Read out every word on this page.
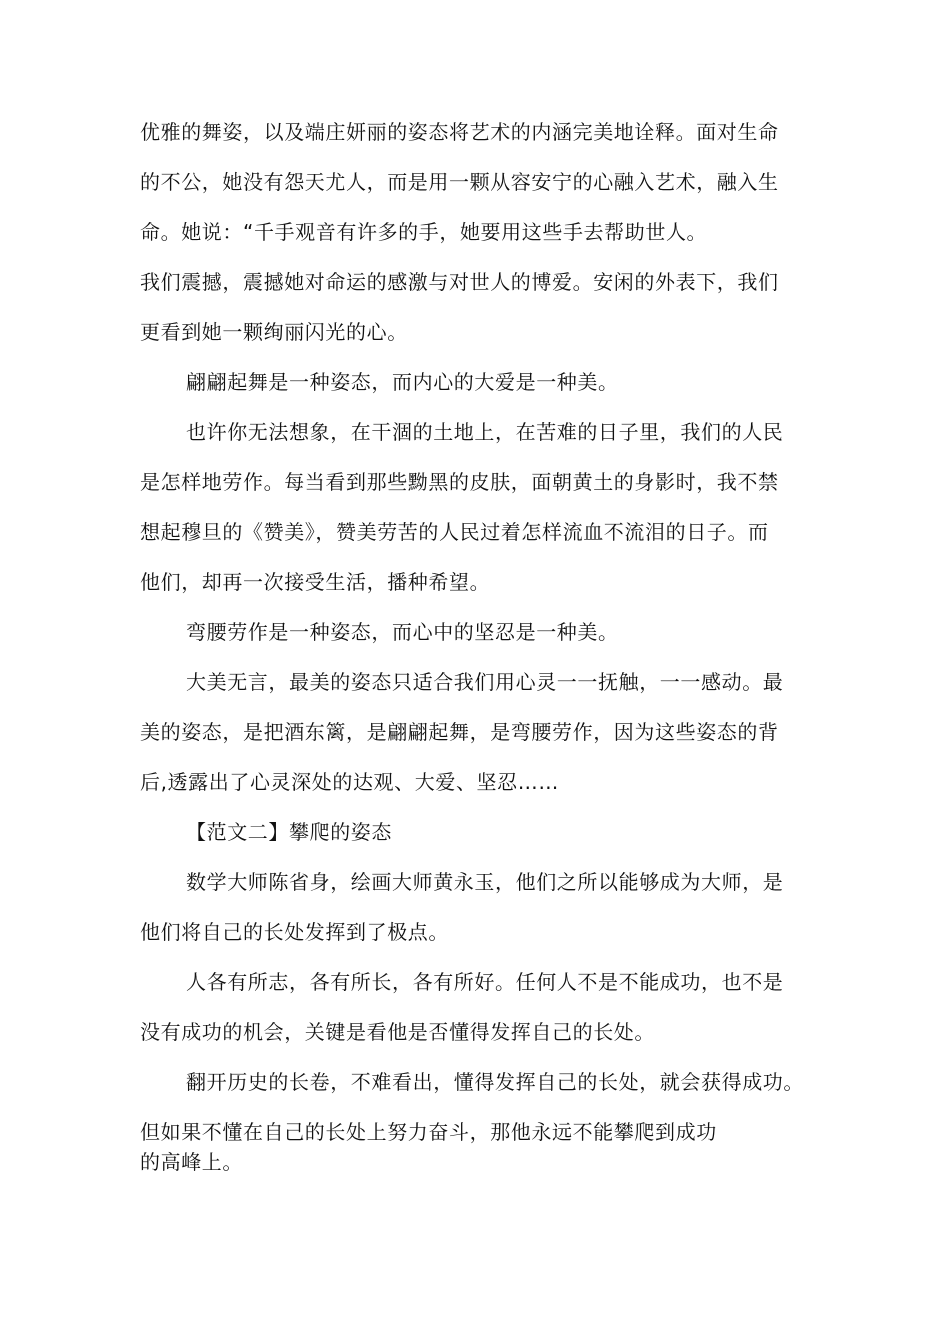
优雅的舞姿，以及端庄妍丽的姿态将艺术的内涵完美地诠释。面对生命
的不公，她没有怨天尤人，而是用一颗从容安宁的心融入艺术，融入生
命。她说：“千手观音有许多的手，她要用这些手去帮助世人。
我们震撼，震撼她对命运的感激与对世人的博爱。安闲的外表下，我们
更看到她一颗绚丽闪光的心。
翩翩起舞是一种姿态，而内心的大爱是一种美。
也许你无法想象，在干涸的土地上，在苦难的日子里，我们的人民
是怎样地劳作。每当看到那些黝黑的皮肤，面朝黄土的身影时，我不禁
想起穆旦的《赞美》，赞美劳苦的人民过着怎样流血不流泪的日子。而
他们，却再一次接受生活，播种希望。
弯腰劳作是一种姿态，而心中的坚忍是一种美。
大美无言，最美的姿态只适合我们用心灵一一抚触，一一感动。最
美的姿态，是把酒东篱，是翩翩起舞，是弯腰劳作，因为这些姿态的背
后,透露出了心灵深处的达观、大爱、坚忍……
【范文二】攀爬的姿态
数学大师陈省身，绘画大师黄永玉，他们之所以能够成为大师，是
他们将自己的长处发挥到了极点。
人各有所志，各有所长，各有所好。任何人不是不能成功，也不是
没有成功的机会，关键是看他是否懂得发挥自己的长处。
翻开历史的长卷，不难看出，懂得发挥自己的长处，就会获得成功。
但如果不懂在自己的长处上努力奋斗，那他永远不能攀爬到成功
的高峰上。
